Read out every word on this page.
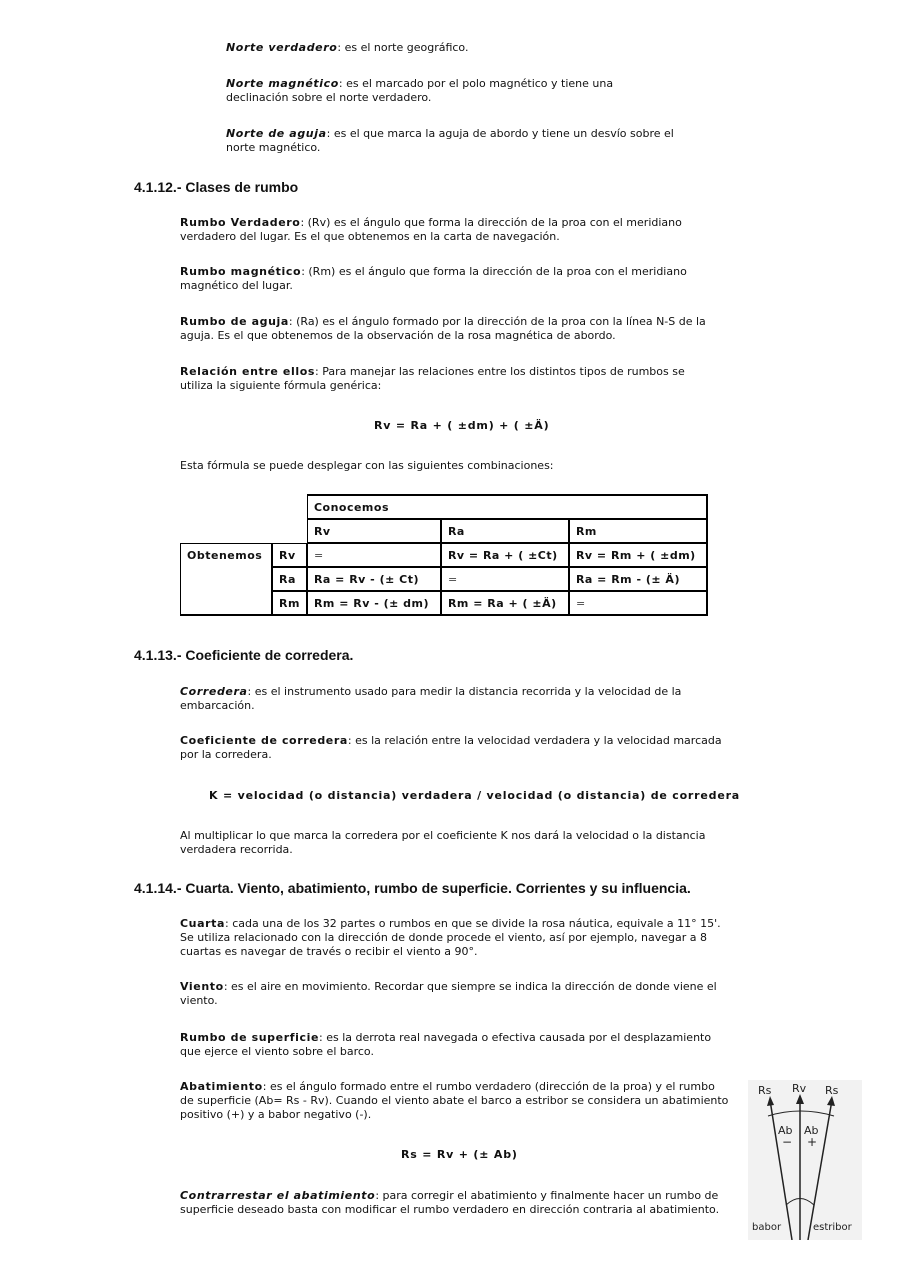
Norte verdadero: es el norte geográfico.

Norte magnético: es el marcado por el polo magnético y tiene una declinación sobre el norte verdadero.

Norte de aguja: es el que marca la aguja de abordo y tiene un desvío sobre el norte magnético.

4.1.12.- Clases de rumbo

Rumbo Verdadero: (Rv) es el ángulo que forma la dirección de la proa con el meridiano verdadero del lugar. Es el que obtenemos en la carta de navegación.

Rumbo magnético: (Rm) es el ángulo que forma la dirección de la proa con el meridiano magnético del lugar.

Rumbo de aguja: (Ra) es el ángulo formado por la dirección de la proa con la línea N-S de la aguja. Es el que obtenemos de la observación de la rosa magnética de abordo.

Relación entre ellos: Para manejar las relaciones entre los distintos tipos de rumbos se utiliza la siguiente fórmula genérica:

Rv = Ra + ( ±dm) + ( ±Ä)

Esta fórmula se puede desplegar con las siguientes combinaciones:

		Conocemos		
		Rv	Ra	Rm
Obtenemos	Rv	=	Rv = Ra + ( ±Ct)	Rv = Rm + ( ±dm)
	Ra	Ra = Rv - (± Ct)	=	Ra = Rm - (± Ä)
	Rm	Rm = Rv - (± dm)	Rm = Ra + ( ±Ä)	=
4.1.13.- Coeficiente de corredera.

Corredera: es el instrumento usado para medir la distancia recorrida y la velocidad de la embarcación.

Coeficiente de corredera: es la relación entre la velocidad verdadera y la velocidad marcada por la corredera.

K = velocidad (o distancia) verdadera / velocidad (o distancia) de corredera

Al multiplicar lo que marca la corredera por el coeficiente K nos dará la velocidad o la distancia verdadera recorrida.

4.1.14.- Cuarta. Viento, abatimiento, rumbo de superficie. Corrientes y su influencia.

Cuarta: cada una de los 32 partes o rumbos en que se divide la rosa náutica, equivale a 11° 15'. Se utiliza relacionado con la dirección de donde procede el viento, así por ejemplo, navegar a 8 cuartas es navegar de través o recibir el viento a 90°.

Viento: es el aire en movimiento. Recordar que siempre se indica la dirección de donde viene el viento.

Rumbo de superficie: es la derrota real navegada o efectiva causada por el desplazamiento que ejerce el viento sobre el barco.

Abatimiento: es el ángulo formado entre el rumbo verdadero (dirección de la proa) y el rumbo de superficie (Ab= Rs - Rv). Cuando el viento abate el barco a estribor se considera un abatimiento positivo (+) y a babor negativo (-).

Rs = Rv + (± Ab)

Contrarrestar el abatimiento: para corregir el abatimiento y finalmente hacer un rumbo de superficie deseado basta con modificar el rumbo verdadero en dirección contraria al abatimiento.

Rs Rv Rs
Ab Ab
− +
babor	estribor
